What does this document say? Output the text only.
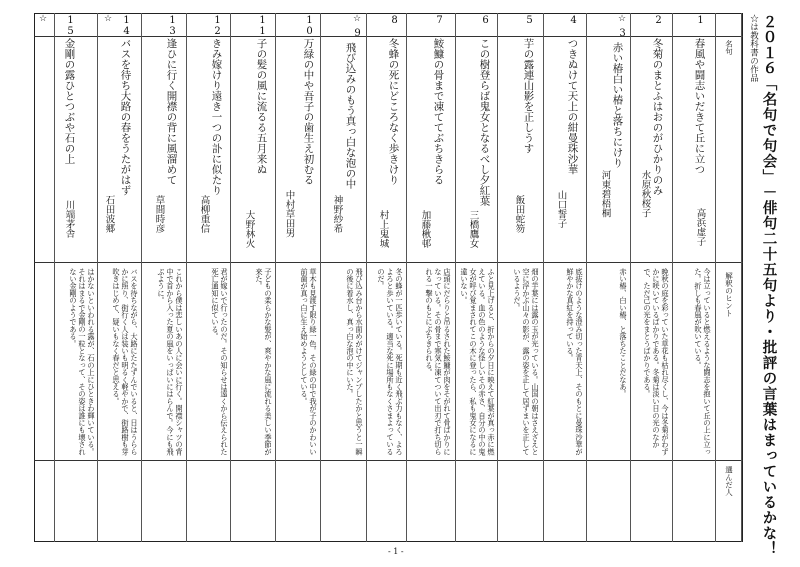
２０１６「名句で句会」－俳句二十五句より・批評の言葉はまっているかな！
☆は教科書の作品
名句
解釈のヒント
選んだ人
1
春風や闘志いだきて丘に立つ
高浜虚子
今は立っていると燃えるような闘志を抱いて丘の上に立った。折しも春風が吹いている。
2
冬菊のまとふはおのがひかりのみ
水原秋桜子
晩秋の庭を彩っていた草花も枯れ尽くし、今は冬菊がわずかに咲いているばかりである。冬菊は淡い日の光のなかで、ただ己の光をまとうばかりである。
☆
3
赤い椿白い椿と落ちにけり
河東碧梧桐
赤い椿、白い椿、と落ちたことだなあ。
4
つきぬけて天上の紺曼珠沙華
山口誓子
底抜けのような澄み切った青天上、そのもとに曼珠沙華が鮮やかな真紅を持っている。
5
芋の露連山影を正しうす
飯田蛇笏
畑の芋葉には露の玉が光っている。山国の朝はさえざえと空に浮かぶ山々の影が、露の姿を正して居ずまいを正しているようだ。
6
この樹登らば鬼女となるべし夕紅葉
三橋鷹女
ふと見上げると、折からの夕日に映えて紅葉が真っ赤に燃えている。血の色のような怪しいその赤さ、自分の中の鬼女が呼び覚まされてこの木に登ったら、私も鬼女になるに違いない。
7
鮟鱇の骨まで凍ててぶちきらる
加藤楸邨
店頭にだらりと吊るされた鮟鱇が肉をそがれて骨ばかりになっている。その骨まで寒気に凍てついて出刃で打ち切られる一撃のもとにぶちきられる。
8
冬蜂の死にどころなく歩きけり
村上鬼城
冬の蜂が一匹歩いている。死期も近く飛ぶ力もなく、よろよろと歩いている。適当な死に場所もなくさまよっているのだ。
☆
9
飛び込みのもう真っ白な泡の中
神野紗希
飛び込み台から水面めがけてジャンプしたかと思うと一瞬の後に着水し、真っ白な泡の中にいた。
10
万緑の中や吾子の歯生え初むる
中村草田男
草木も見渡す限り緑一色。その緑の中で我が子のかわいい前歯が真っ白に生え始めようとしている。
11
子の髪の風に流るる五月来ぬ
大野林火
子どもの柔らかな髪が、爽やかな風に流れる美しい季節が来た。
12
きみ嫁けり遠き一つの訃に似たり
高柳重信
君が嫁いで行ったのだ。その知らせは遠くから伝えられた死亡通知に似ている。
13
逢ひに行く開襟の背に風溜めて
草間時彦
これから僕は恋しいあの人に会いに行く。開襟シャツの背中で首から入った夏の風をいっぱいにはらんで。今にも飛ぶように。
☆ 14
バスを待ち大路の春をうたがはず
石田波郷
バスを待ちながら、大路にたたずんでいると、日はうららかに照り、街行く人は装いも明るく軽やかで、街路樹も芽吹きはじめて、疑いもなく春だと思える。
☆ 15
金剛の露ひとつぶや石の上
川端茅舎
はかないといわれる露が、石の上にひときわ輝いている。それはまるで金剛の一粒となって、その姿は誰にも壊されない金剛のようである。
- 1 -
